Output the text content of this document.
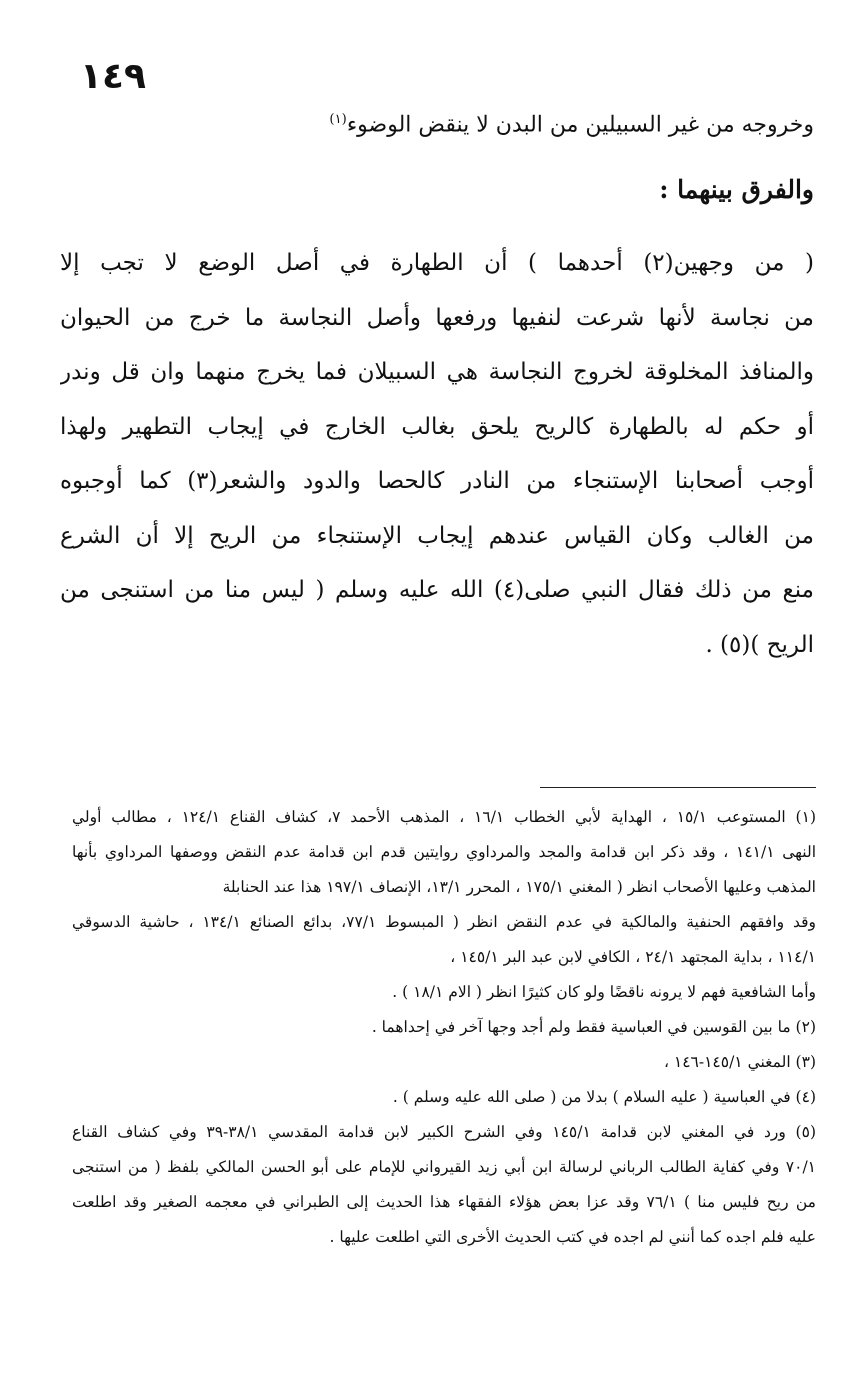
١٤٩
وخروجه من غير السبيلين من البدن لا ينقض الوضوء$^{(١)}$
والفرق بينهما :
( من وجهين(٢) أحدهما ) أن الطهارة في أصل الوضع لا تجب إلا
من نجاسة لأنها شرعت لنفيها ورفعها وأصل النجاسة ما خرج من الحيوان
والمنافذ المخلوقة لخروج النجاسة هي السبيلان فما يخرج منهما وان قل وندر
أو حكم له بالطهارة كالريح يلحق بغالب الخارج في إيجاب التطهير ولهذا
أوجب أصحابنا الإستنجاء من النادر كالحصا والدود والشعر(٣) كما أوجبوه
من الغالب وكان القياس عندهم إيجاب الإستنجاء من الريح إلا أن الشرع
منع من ذلك فقال النبي صلى(٤) الله عليه وسلم ( ليس منا من استنجى من
الريح )(٥) .
(١) المستوعب ١٥/١ ، الهداية لأبي الخطاب ١٦/١ ، المذهب الأحمد ٧، كشاف القناع ١٢٤/١ ، مطالب أولي
النهى ١٤١/١ ، وقد ذكر ابن قدامة والمجد والمرداوي روايتين قدم ابن قدامة عدم النقض ووصفها المرداوي بأنها
المذهب وعليها الأصحاب انظر ( المغني ١٧٥/١ ، المحرر ١٣/١، الإنصاف ١٩٧/١ هذا عند الحنابلة
وقد وافقهم الحنفية والمالكية في عدم النقض انظر ( المبسوط ٧٧/١، بدائع الصنائع ١٣٤/١ ، حاشية الدسوقي
١١٤/١ ، بداية المجتهد ٢٤/١ ، الكافي لابن عبد البر ١٤٥/١ ،
وأما الشافعية فهم لا يرونه ناقضًا ولو كان كثيرًا انظر ( الام ١٨/١ ) .
(٢) ما بين القوسين في العباسية فقط ولم أجد وجها آخر في إحداهما .
(٣) المغني ١٤٥/١-١٤٦ ،
(٤) في العباسية ( عليه السلام ) بدلا من ( صلى الله عليه وسلم ) .
(٥) ورد في المغني لابن قدامة ١٤٥/١ وفي الشرح الكبير لابن قدامة المقدسي ٣٨/١-٣٩ وفي كشاف القناع
٧٠/١ وفي كفاية الطالب الرباني لرسالة ابن أبي زيد القيرواني للإمام على أبو الحسن المالكي بلفظ ( من استنجى
من ريح فليس منا ) ٧٦/١ وقد عزا بعض هؤلاء الفقهاء هذا الحديث إلى الطبراني في معجمه الصغير وقد اطلعت
عليه فلم اجده كما أنني لم اجده في كتب الحديث الأخرى التي اطلعت عليها .
